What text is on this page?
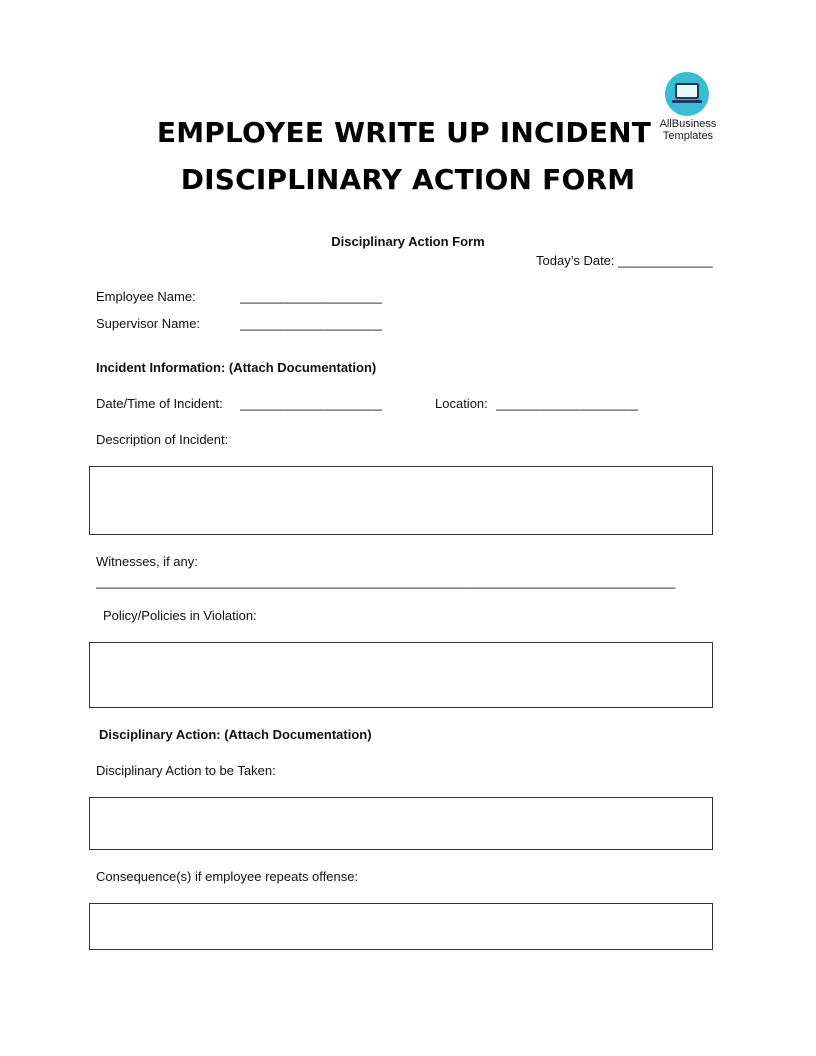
AllBusiness
Templates
EMPLOYEE WRITE UP INCIDENT
DISCIPLINARY ACTION FORM
Disciplinary Action Form
Today’s Date: ______________
Employee Name:	_____________________
Supervisor Name:	_____________________
Incident Information: (Attach Documentation)
Date/Time of Incident: _____________________	Location: _____________________
Description of Incident:
Witnesses, if any:
______________________________________________________________________________________
Policy/Policies in Violation:
Disciplinary Action: (Attach Documentation)
Disciplinary Action to be Taken:
Consequence(s) if employee repeats offense:
